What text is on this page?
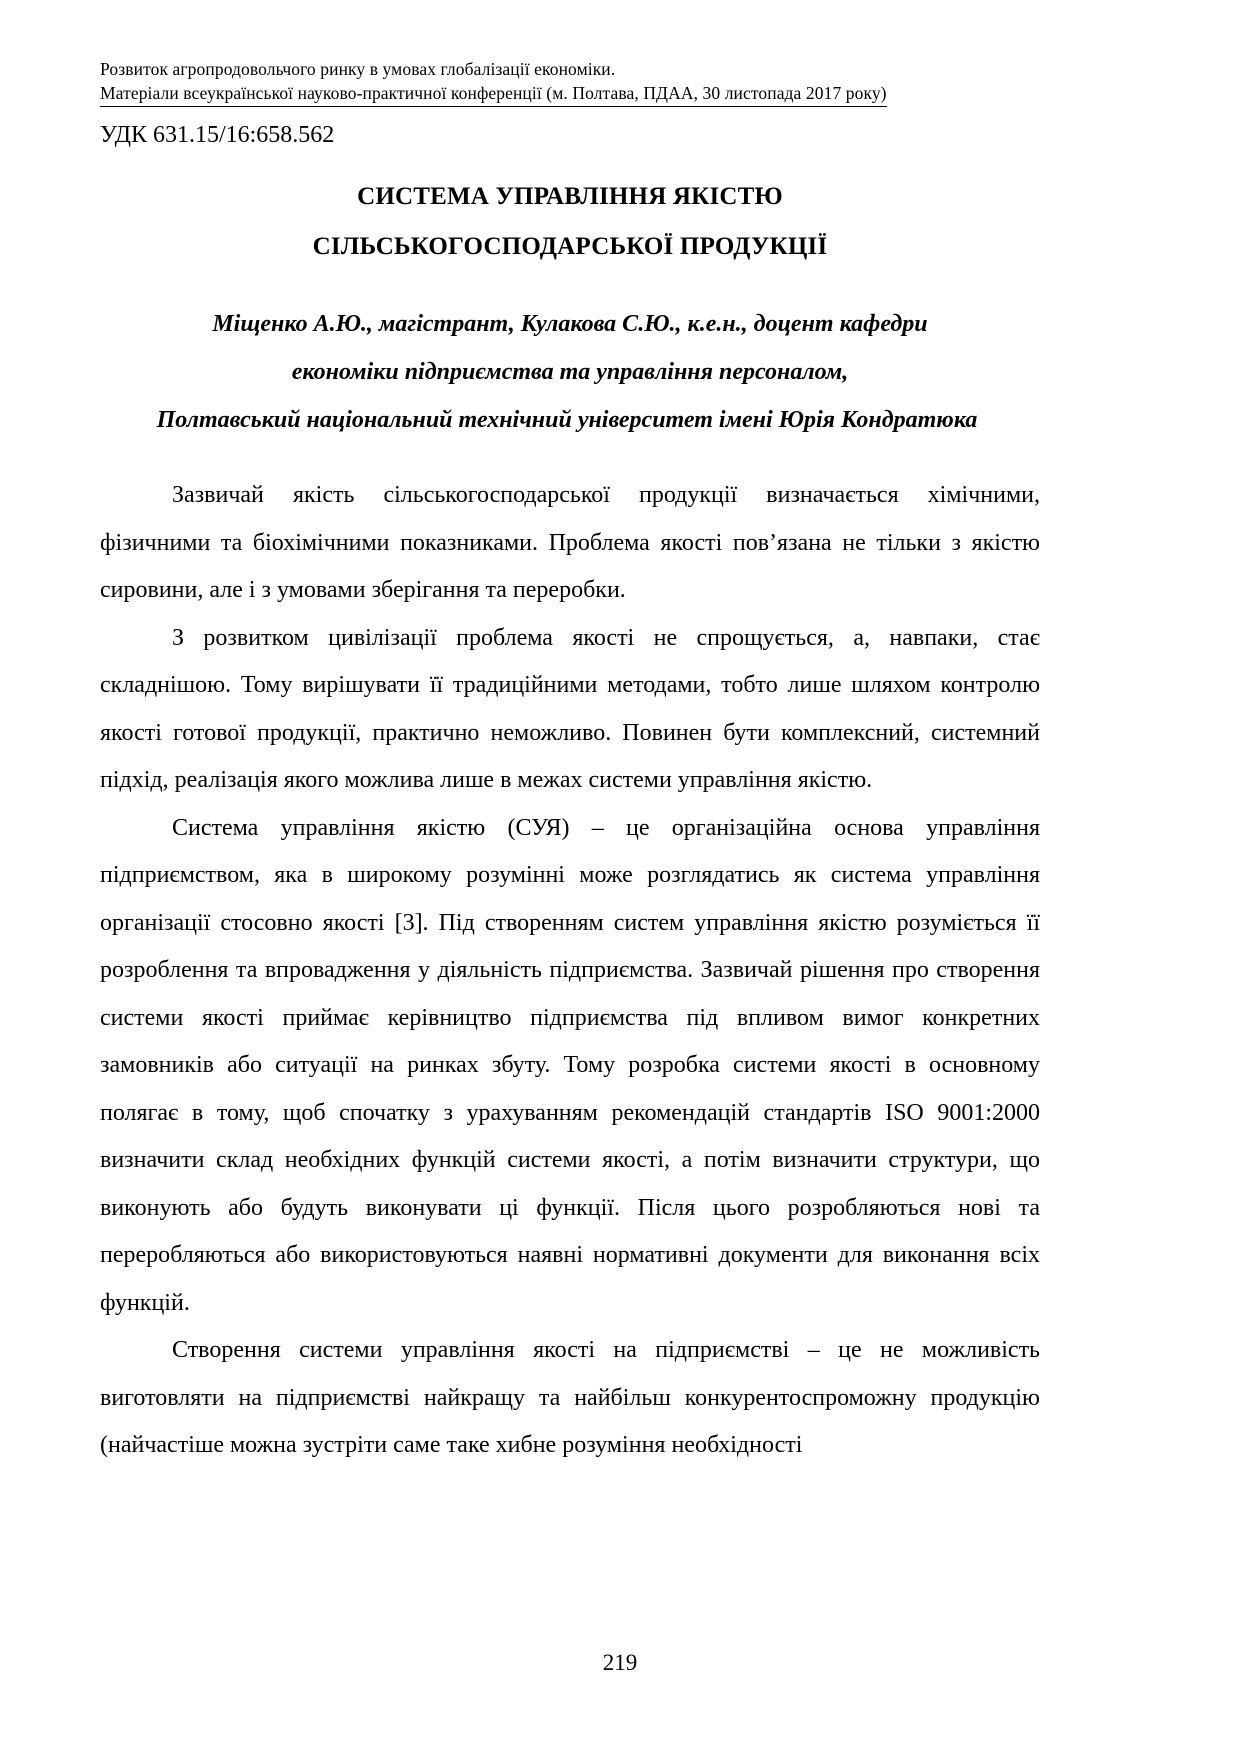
Розвиток агропродовольчого ринку в умовах глобалізації економіки.
Матеріали всеукраїнської науково-практичної конференції (м. Полтава, ПДАА, 30 листопада 2017 року)
УДК 631.15/16:658.562
СИСТЕМА УПРАВЛІННЯ ЯКІСТЮ
СІЛЬСЬКОГОСПОДАРСЬКОЇ ПРОДУКЦІЇ
Міщенко А.Ю., магістрант, Кулакова С.Ю., к.е.н., доцент кафедри
економіки підприємства та управління персоналом,
Полтавський національний технічний університет імені Юрія Кондратюка

Зазвичай якість сільськогосподарської продукції визначається хімічними, фізичними та біохімічними показниками. Проблема якості пов’язана не тільки з якістю сировини, але і з умовами зберігання та переробки.

З розвитком цивілізації проблема якості не спрощується, а, навпаки, стає складнішою. Тому вирішувати її традиційними методами, тобто лише шляхом контролю якості готової продукції, практично неможливо. Повинен бути комплексний, системний підхід, реалізація якого можлива лише в межах системи управління якістю.

Система управління якістю (СУЯ) – це організаційна основа управління підприємством, яка в широкому розумінні може розглядатись як система управління організації стосовно якості [3]. Під створенням систем управління якістю розуміється її розроблення та впровадження у діяльність підприємства. Зазвичай рішення про створення системи якості приймає керівництво підприємства під впливом вимог конкретних замовників або ситуації на ринках збуту. Тому розробка системи якості в основному полягає в тому, щоб спочатку з урахуванням рекомендацій стандартів ISO 9001:2000 визначити склад необхідних функцій системи якості, а потім визначити структури, що виконують або будуть виконувати ці функції. Після цього розробляються нові та переробляються або використовуються наявні нормативні документи для виконання всіх функцій.

Створення системи управління якості на підприємстві – це не можливість виготовляти на підприємстві найкращу та найбільш конкурентоспроможну продукцію (найчастіше можна зустріти саме таке хибне розуміння необхідності

219
